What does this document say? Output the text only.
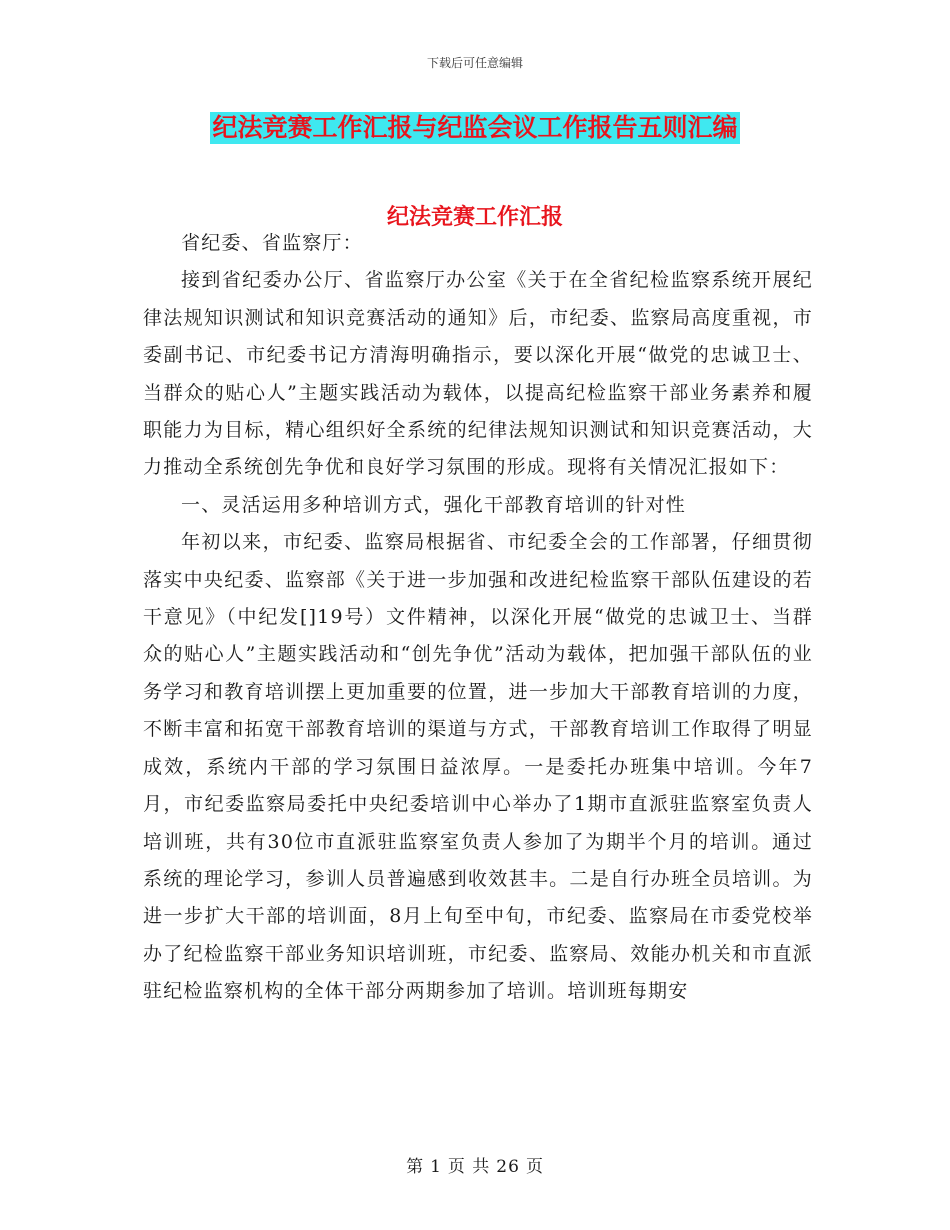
下载后可任意编辑
纪法竞赛工作汇报与纪监会议工作报告五则汇编
纪法竞赛工作汇报

省纪委、省监察厅：

接到省纪委办公厅、省监察厅办公室《关于在全省纪检监察系统开展纪律法规知识测试和知识竞赛活动的通知》后，市纪委、监察局高度重视，市委副书记、市纪委书记方清海明确指示，要以深化开展“做党的忠诚卫士、当群众的贴心人”主题实践活动为载体，以提高纪检监察干部业务素养和履职能力为目标，精心组织好全系统的纪律法规知识测试和知识竞赛活动，大力推动全系统创先争优和良好学习氛围的形成。现将有关情况汇报如下：

一、灵活运用多种培训方式，强化干部教育培训的针对性

年初以来，市纪委、监察局根据省、市纪委全会的工作部署，仔细贯彻落实中央纪委、监察部《关于进一步加强和改进纪检监察干部队伍建设的若干意见》（中纪发[]19号）文件精神，以深化开展“做党的忠诚卫士、当群众的贴心人”主题实践活动和“创先争优”活动为载体，把加强干部队伍的业务学习和教育培训摆上更加重要的位置，进一步加大干部教育培训的力度，不断丰富和拓宽干部教育培训的渠道与方式，干部教育培训工作取得了明显成效，系统内干部的学习氛围日益浓厚。一是委托办班集中培训。今年7月，市纪委监察局委托中央纪委培训中心举办了1期市直派驻监察室负责人培训班，共有30位市直派驻监察室负责人参加了为期半个月的培训。通过系统的理论学习，参训人员普遍感到收效甚丰。二是自行办班全员培训。为进一步扩大干部的培训面，8月上旬至中旬，市纪委、监察局在市委党校举办了纪检监察干部业务知识培训班，市纪委、监察局、效能办机关和市直派驻纪检监察机构的全体干部分两期参加了培训。培训班每期安

第 1 页 共 26 页
